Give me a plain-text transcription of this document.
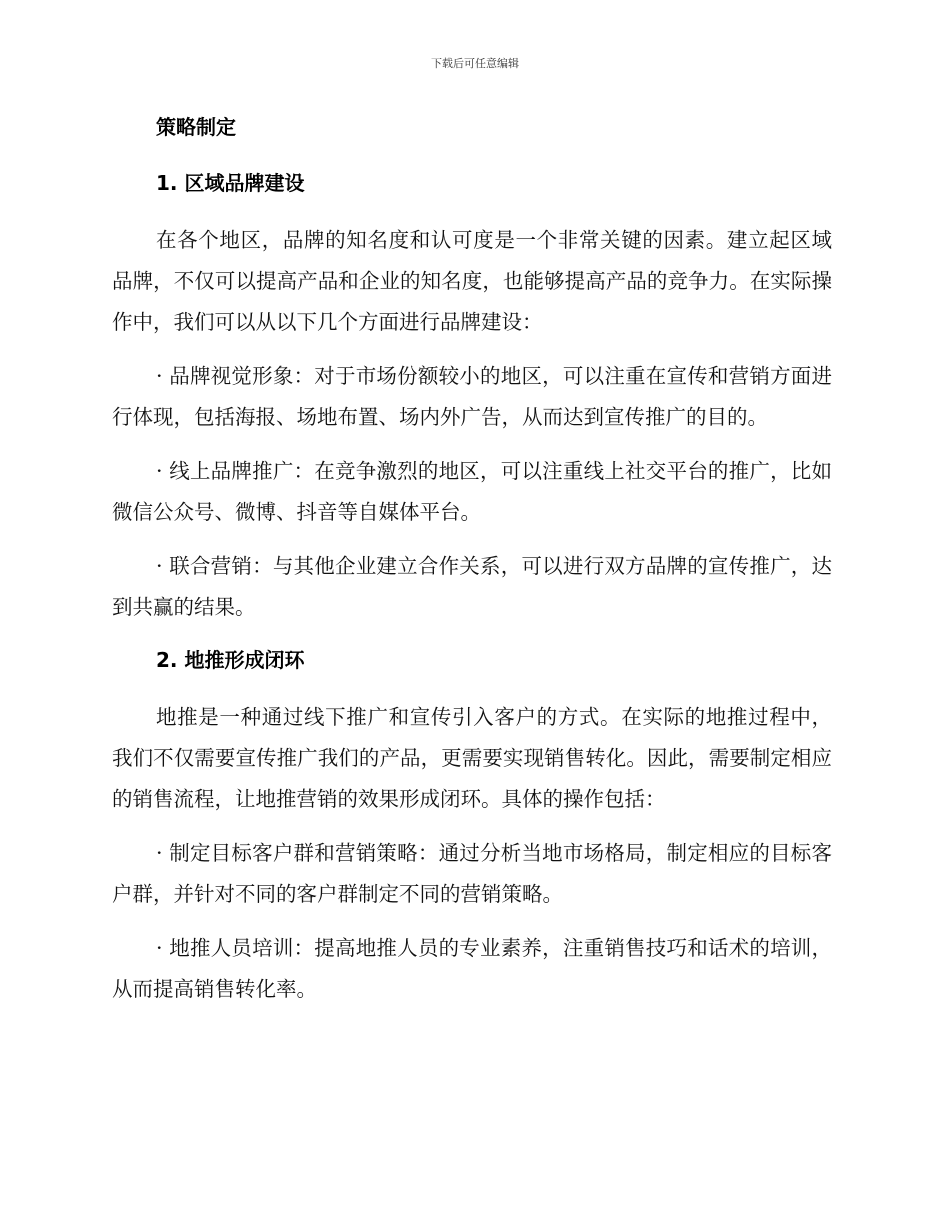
下载后可任意编辑
策略制定
1. 区域品牌建设

在各个地区，品牌的知名度和认可度是一个非常关键的因素。建立起区域品牌，不仅可以提高产品和企业的知名度，也能够提高产品的竞争力。在实际操作中，我们可以从以下几个方面进行品牌建设：

· 品牌视觉形象：对于市场份额较小的地区，可以注重在宣传和营销方面进行体现，包括海报、场地布置、场内外广告，从而达到宣传推广的目的。

· 线上品牌推广：在竞争激烈的地区，可以注重线上社交平台的推广，比如微信公众号、微博、抖音等自媒体平台。

· 联合营销：与其他企业建立合作关系，可以进行双方品牌的宣传推广，达到共赢的结果。

2. 地推形成闭环

地推是一种通过线下推广和宣传引入客户的方式。在实际的地推过程中，我们不仅需要宣传推广我们的产品，更需要实现销售转化。因此，需要制定相应的销售流程，让地推营销的效果形成闭环。具体的操作包括：

· 制定目标客户群和营销策略：通过分析当地市场格局，制定相应的目标客户群，并针对不同的客户群制定不同的营销策略。

· 地推人员培训：提高地推人员的专业素养，注重销售技巧和话术的培训，从而提高销售转化率。
